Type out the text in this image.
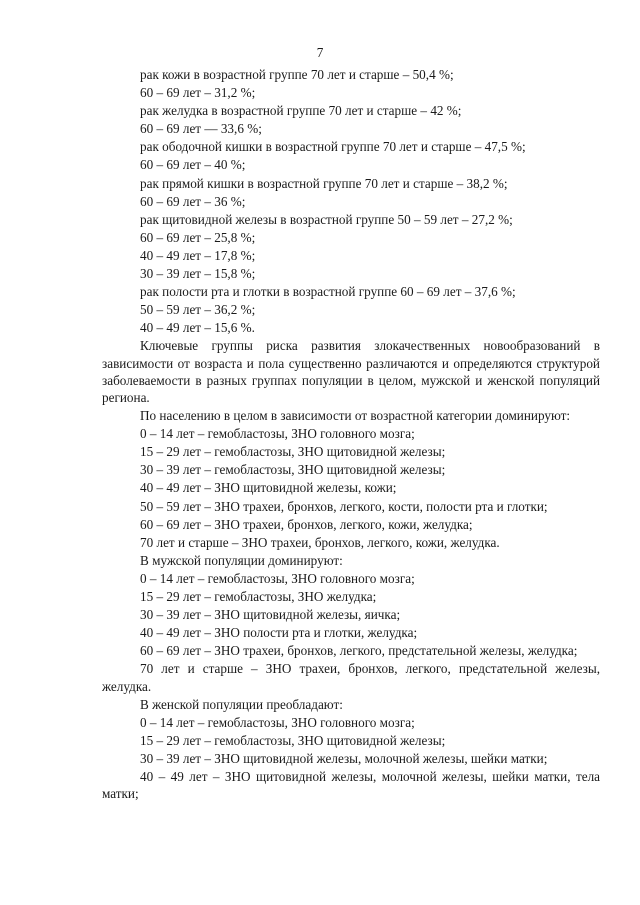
7
рак кожи в возрастной группе 70 лет и старше – 50,4 %;
60 – 69 лет – 31,2 %;
рак желудка в возрастной группе 70 лет и старше – 42 %;
60 – 69 лет — 33,6 %;
рак ободочной кишки в возрастной группе 70 лет и старше – 47,5 %;
60 – 69 лет – 40 %;
рак прямой кишки в возрастной группе 70 лет и старше – 38,2 %;
60 – 69 лет – 36 %;
рак щитовидной железы в возрастной группе 50 – 59 лет – 27,2 %;
60 – 69 лет – 25,8 %;
40 – 49 лет – 17,8 %;
30 – 39 лет – 15,8 %;
рак полости рта и глотки в возрастной группе 60 – 69 лет – 37,6 %;
50 – 59 лет – 36,2 %;
40 – 49 лет – 15,6 %.
Ключевые группы риска развития злокачественных новообразований в зависимости от возраста и пола существенно различаются и определяются структурой заболеваемости в разных группах популяции в целом, мужской и женской популяций региона.
По населению в целом в зависимости от возрастной категории доминируют:
0 – 14 лет – гемобластозы, ЗНО головного мозга;
15 – 29 лет – гемобластозы, ЗНО щитовидной железы;
30 – 39 лет – гемобластозы, ЗНО щитовидной железы;
40 – 49 лет – ЗНО щитовидной железы, кожи;
50 – 59 лет – ЗНО трахеи, бронхов, легкого, кости, полости рта и глотки;
60 – 69 лет – ЗНО трахеи, бронхов, легкого, кожи, желудка;
70 лет и старше – ЗНО трахеи, бронхов, легкого, кожи, желудка.
В мужской популяции доминируют:
0 – 14 лет – гемобластозы, ЗНО головного мозга;
15 – 29 лет – гемобластозы, ЗНО желудка;
30 – 39 лет – ЗНО щитовидной железы, яичка;
40 – 49 лет – ЗНО полости рта и глотки, желудка;
60 – 69 лет – ЗНО трахеи, бронхов, легкого, предстательной железы, желудка;
70 лет и старше – ЗНО трахеи, бронхов, легкого, предстательной железы, желудка.
В женской популяции преобладают:
0 – 14 лет – гемобластозы, ЗНО головного мозга;
15 – 29 лет – гемобластозы, ЗНО щитовидной железы;
30 – 39 лет – ЗНО щитовидной железы, молочной железы, шейки матки;
40 – 49 лет – ЗНО щитовидной железы, молочной железы, шейки матки, тела матки;
